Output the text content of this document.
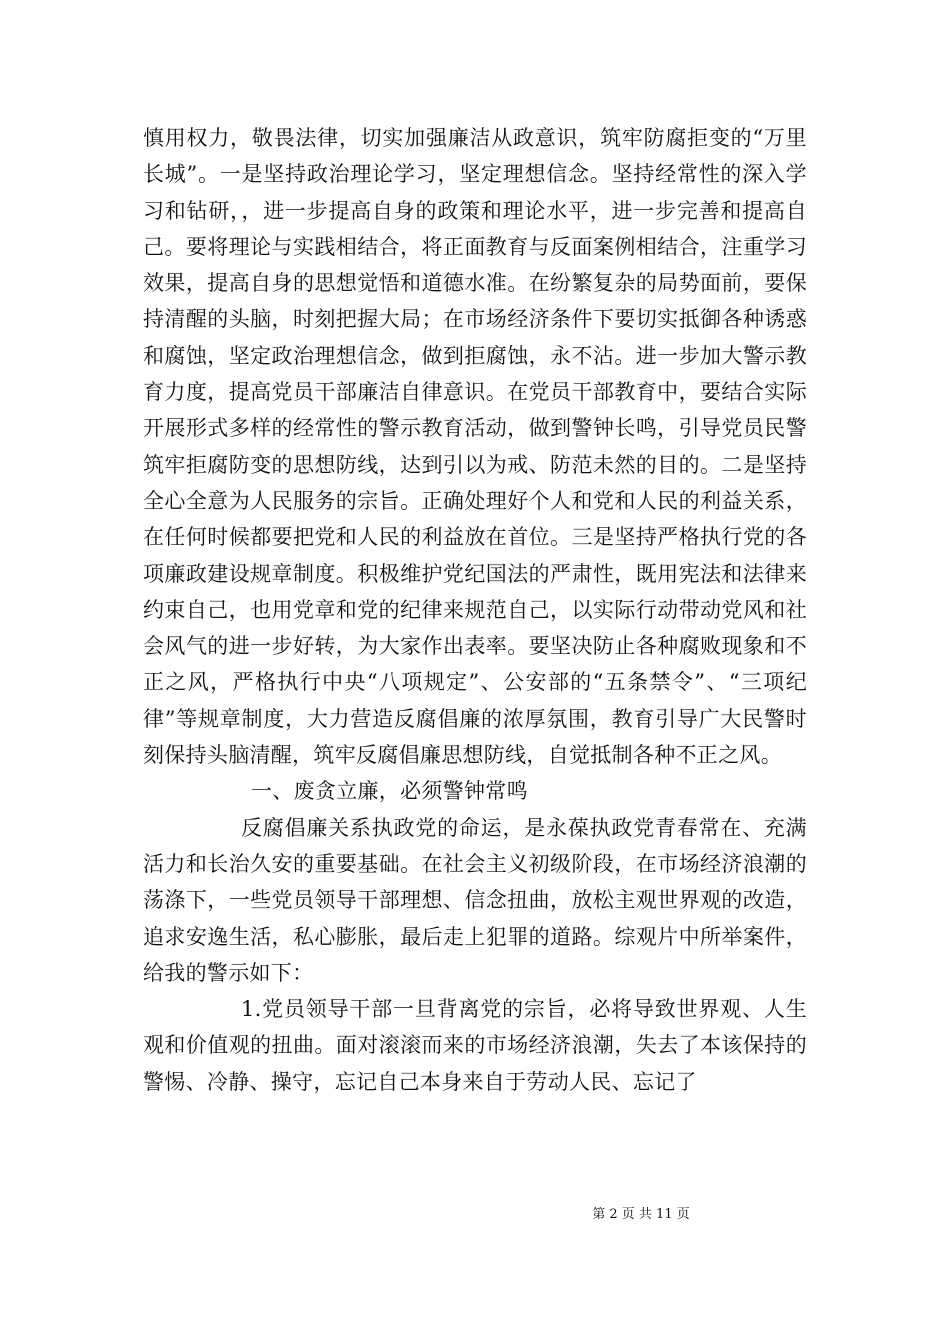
慎用权力，敬畏法律，切实加强廉洁从政意识，筑牢防腐拒变的“万里长城”。一是坚持政治理论学习，坚定理想信念。坚持经常性的深入学习和钻研，，进一步提高自身的政策和理论水平，进一步完善和提高自己。要将理论与实践相结合，将正面教育与反面案例相结合，注重学习效果，提高自身的思想觉悟和道德水准。在纷繁复杂的局势面前，要保持清醒的头脑，时刻把握大局；在市场经济条件下要切实抵御各种诱惑和腐蚀，坚定政治理想信念，做到拒腐蚀，永不沾。进一步加大警示教育力度，提高党员干部廉洁自律意识。在党员干部教育中，要结合实际开展形式多样的经常性的警示教育活动，做到警钟长鸣，引导党员民警筑牢拒腐防变的思想防线，达到引以为戒、防范未然的目的。二是坚持全心全意为人民服务的宗旨。正确处理好个人和党和人民的利益关系，在任何时候都要把党和人民的利益放在首位。三是坚持严格执行党的各项廉政建设规章制度。积极维护党纪国法的严肃性，既用宪法和法律来约束自己，也用党章和党的纪律来规范自己，以实际行动带动党风和社会风气的进一步好转，为大家作出表率。要坚决防止各种腐败现象和不正之风，严格执行中央“八项规定”、公安部的“五条禁令”、“三项纪律”等规章制度，大力营造反腐倡廉的浓厚氛围，教育引导广大民警时刻保持头脑清醒，筑牢反腐倡廉思想防线，自觉抵制各种不正之风。

一、废贪立廉，必须警钟常鸣

反腐倡廉关系执政党的命运，是永葆执政党青春常在、充满活力和长治久安的重要基础。在社会主义初级阶段，在市场经济浪潮的荡涤下，一些党员领导干部理想、信念扭曲，放松主观世界观的改造，追求安逸生活，私心膨胀，最后走上犯罪的道路。综观片中所举案件，给我的警示如下：

1.党员领导干部一旦背离党的宗旨，必将导致世界观、人生观和价值观的扭曲。面对滚滚而来的市场经济浪潮，失去了本该保持的警惕、冷静、操守，忘记自己本身来自于劳动人民、忘记了

第 2 页 共 11 页
